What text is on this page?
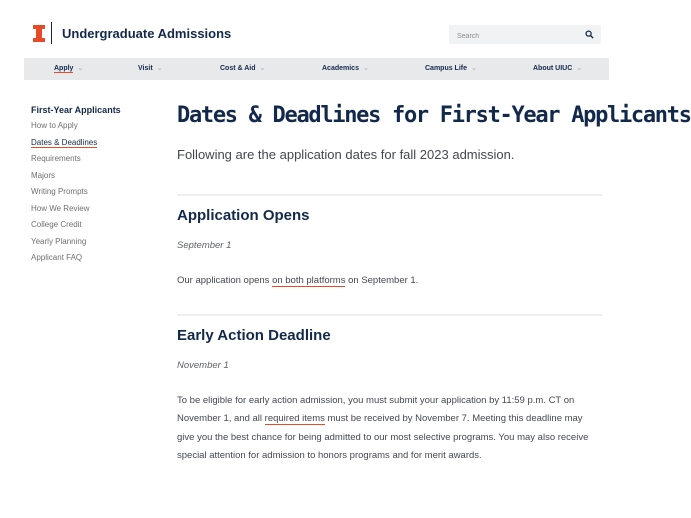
Undergraduate Admissions
Search
Apply ⌄	Visit ⌄	Cost & Aid ⌄	Academics ⌄	Campus Life ⌄	About UIUC ⌄
First-Year Applicants
How to Apply
Dates & Deadlines
Requirements
Majors
Writing Prompts
How We Review
College Credit
Yearly Planning
Applicant FAQ
Dates & Deadlines for First-Year Applicants
Following are the application dates for fall 2023 admission.
Application Opens
September 1
Our application opens on both platforms on September 1.
Early Action Deadline
November 1
To be eligible for early action admission, you must submit your application by 11:59 p.m. CT on November 1, and all required items must be received by November 7. Meeting this deadline may give you the best chance for being admitted to our most selective programs. You may also receive special attention for admission to honors programs and for merit awards.
